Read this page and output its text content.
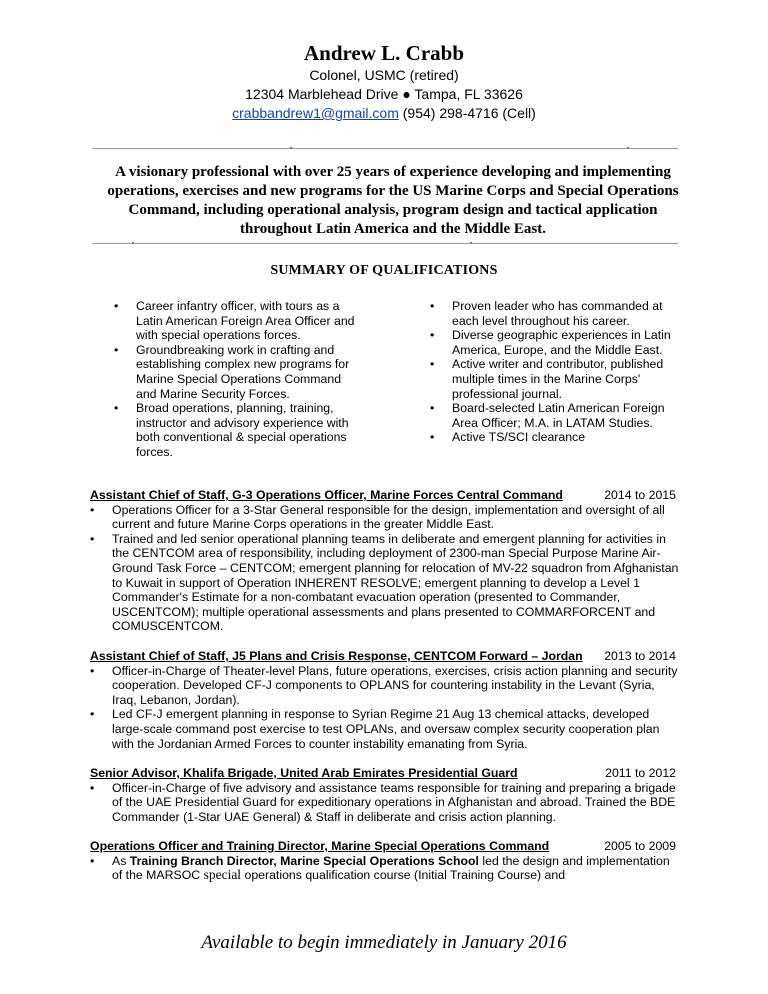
Andrew L. Crabb
Colonel, USMC (retired)
12304 Marblehead Drive ● Tampa, FL 33626
crabbandrew1@gmail.com (954) 298-4716 (Cell)
A visionary professional with over 25 years of experience developing and implementing operations, exercises and new programs for the US Marine Corps and Special Operations Command, including operational analysis, program design and tactical application throughout Latin America and the Middle East.
SUMMARY OF QUALIFICATIONS
• Career infantry officer, with tours as a Latin American Foreign Area Officer and with special operations forces.
• Groundbreaking work in crafting and establishing complex new programs for Marine Special Operations Command and Marine Security Forces.
• Broad operations, planning, training, instructor and advisory experience with both conventional & special operations forces.
• Proven leader who has commanded at each level throughout his career.
• Diverse geographic experiences in Latin America, Europe, and the Middle East.
• Active writer and contributor, published multiple times in the Marine Corps' professional journal.
• Board-selected Latin American Foreign Area Officer; M.A. in LATAM Studies.
• Active TS/SCI clearance
Assistant Chief of Staff, G-3 Operations Officer, Marine Forces Central Command	2014 to 2015
• Operations Officer for a 3-Star General responsible for the design, implementation and oversight of all current and future Marine Corps operations in the greater Middle East.
• Trained and led senior operational planning teams in deliberate and emergent planning for activities in the CENTCOM area of responsibility, including deployment of 2300-man Special Purpose Marine Air-Ground Task Force – CENTCOM; emergent planning for relocation of MV-22 squadron from Afghanistan to Kuwait in support of Operation INHERENT RESOLVE; emergent planning to develop a Level 1 Commander's Estimate for a non-combatant evacuation operation (presented to Commander, USCENTCOM); multiple operational assessments and plans presented to COMMARFORCENT and COMUSCENTCOM.
Assistant Chief of Staff, J5 Plans and Crisis Response, CENTCOM Forward – Jordan 2013 to 2014
• Officer-in-Charge of Theater-level Plans, future operations, exercises, crisis action planning and security cooperation. Developed CF-J components to OPLANS for countering instability in the Levant (Syria, Iraq, Lebanon, Jordan).
• Led CF-J emergent planning in response to Syrian Regime 21 Aug 13 chemical attacks, developed large-scale command post exercise to test OPLANs, and oversaw complex security cooperation plan with the Jordanian Armed Forces to counter instability emanating from Syria.
Senior Advisor, Khalifa Brigade, United Arab Emirates Presidential Guard	2011 to 2012
• Officer-in-Charge of five advisory and assistance teams responsible for training and preparing a brigade of the UAE Presidential Guard for expeditionary operations in Afghanistan and abroad. Trained the BDE Commander (1-Star UAE General) & Staff in deliberate and crisis action planning.
Operations Officer and Training Director, Marine Special Operations Command	2005 to 2009
• As Training Branch Director, Marine Special Operations School led the design and implementation of the MARSOC special operations qualification course (Initial Training Course) and
Available to begin immediately in January 2016
